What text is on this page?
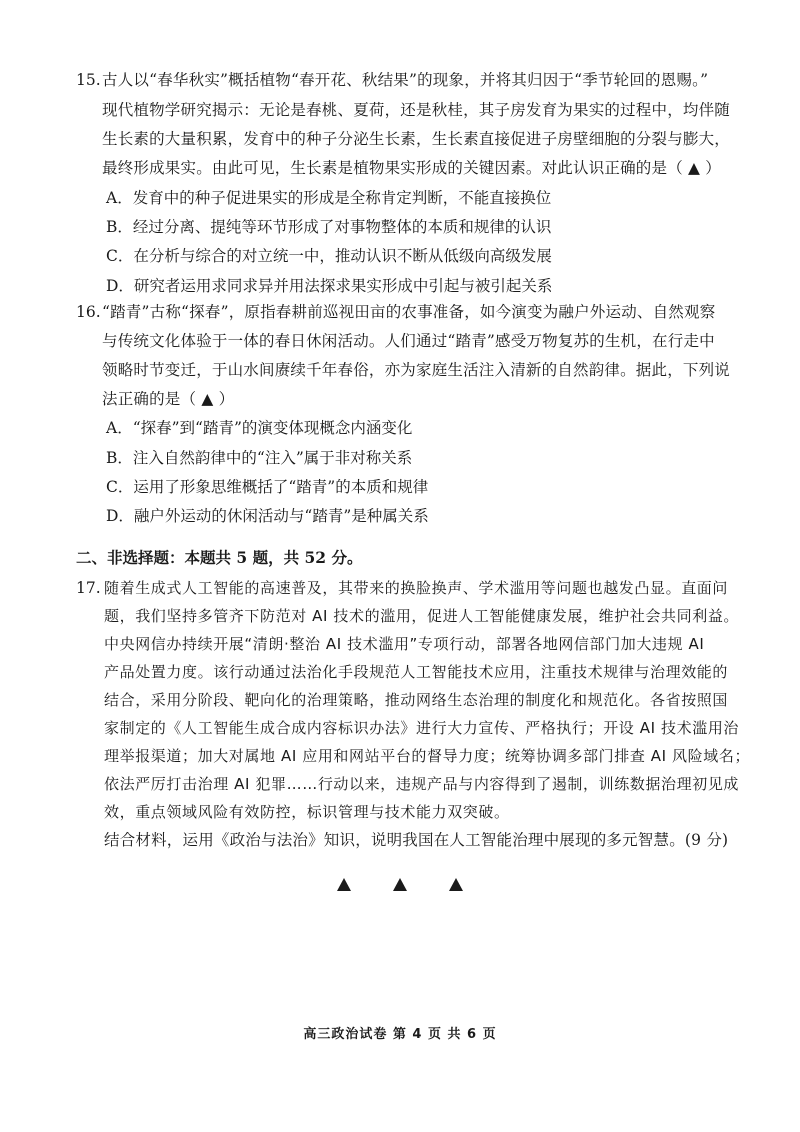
15. 古人以“春华秋实”概括植物“春开花、秋结果”的现象，并将其归因于“季节轮回的恩赐。”
现代植物学研究揭示：无论是春桃、夏荷，还是秋桂，其子房发育为果实的过程中，均伴随
生长素的大量积累，发育中的种子分泌生长素，生长素直接促进子房壁细胞的分裂与膨大，
最终形成果实。由此可见，生长素是植物果实形成的关键因素。对此认识正确的是（ ▲ ）
A．发育中的种子促进果实的形成是全称肯定判断，不能直接换位
B．经过分离、提纯等环节形成了对事物整体的本质和规律的认识
C．在分析与综合的对立统一中，推动认识不断从低级向高级发展
D．研究者运用求同求异并用法探求果实形成中引起与被引起关系
16. “踏青”古称“探春”，原指春耕前巡视田亩的农事准备，如今演变为融户外运动、自然观察
与传统文化体验于一体的春日休闲活动。人们通过“踏青”感受万物复苏的生机，在行走中
领略时节变迁，于山水间赓续千年春俗，亦为家庭生活注入清新的自然韵律。据此，下列说
法正确的是（ ▲ ）
A．“探春”到“踏青”的演变体现概念内涵变化
B．注入自然韵律中的“注入”属于非对称关系
C．运用了形象思维概括了“踏青”的本质和规律
D．融户外运动的休闲活动与“踏青”是种属关系
二、非选择题：本题共 5 题，共 52 分。
17. 随着生成式人工智能的高速普及，其带来的换脸换声、学术滥用等问题也越发凸显。直面问
题，我们坚持多管齐下防范对 AI 技术的滥用，促进人工智能健康发展，维护社会共同利益。
中央网信办持续开展“清朗·整治 AI 技术滥用”专项行动，部署各地网信部门加大违规 AI
产品处置力度。该行动通过法治化手段规范人工智能技术应用，注重技术规律与治理效能的
结合，采用分阶段、靶向化的治理策略，推动网络生态治理的制度化和规范化。各省按照国
家制定的《人工智能生成合成内容标识办法》进行大力宣传、严格执行；开设 AI 技术滥用治
理举报渠道；加大对属地 AI 应用和网站平台的督导力度；统筹协调多部门排查 AI 风险域名；
依法严厉打击治理 AI 犯罪……行动以来，违规产品与内容得到了遏制，训练数据治理初见成
效，重点领域风险有效防控，标识管理与技术能力双突破。
结合材料，运用《政治与法治》知识，说明我国在人工智能治理中展现的多元智慧。(9 分)
高三政治试卷 第 4 页 共 6 页
